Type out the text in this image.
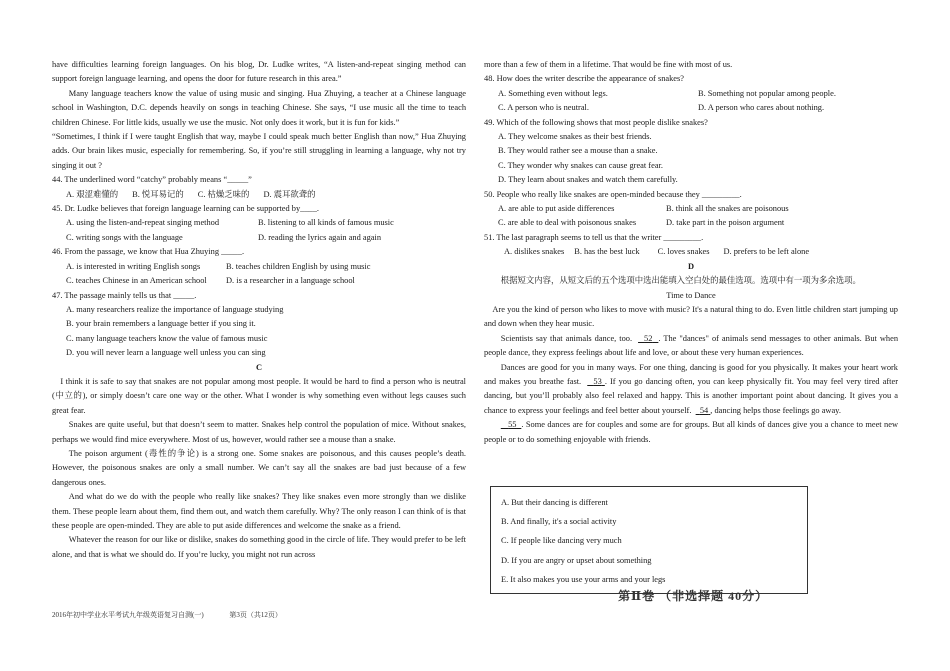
have difficulties learning foreign languages. On his blog, Dr. Ludke writes, “A listen-and-repeat singing method can support foreign language learning, and opens the door for future research in this area.”

Many language teachers know the value of using music and singing. Hua Zhuying, a teacher at a Chinese language school in Washington, D.C. depends heavily on songs in teaching Chinese. She says, “I use music all the time to teach children Chinese. For little kids, usually we use the music. Not only does it work, but it is fun for kids.”

“Sometimes, I think if I were taught English that way, maybe I could speak much better English than now,” Hua Zhuying adds. Our brain likes music, especially for remembering. So, if you’re still struggling in learning a language, why not try singing it out ?

44. The underlined word “catchy” probably means “_____”
A. 艰涩难懂的 B. 悦耳易记的 C. 枯燥乏味的 D. 震耳欲聋的
45. Dr. Ludke believes that foreign language learning can be supported by____.
A. using the listen-and-repeat singing method	B. listening to all kinds of famous music
C. writing songs with the language	D. reading the lyrics again and again
46. From the passage, we know that Hua Zhuying _____.
A. is interested in writing English songs	B. teaches children English by using music
C. teaches Chinese in an American school	D. is a researcher in a language school
47. The passage mainly tells us that _____.
A. many researchers realize the importance of language studying
B. your brain remembers a language better if you sing it.
C. many language teachers know the value of famous music
D. you will never learn a language well unless you can sing
C

I think it is safe to say that snakes are not popular among most people. It would be hard to find a person who is neutral (中立的), or simply doesn’t care one way or the other. What I wonder is why something even without legs causes such great fear.

Snakes are quite useful, but that doesn’t seem to matter. Snakes help control the population of mice. Without snakes, perhaps we would find mice everywhere. Most of us, however, would rather see a mouse than a snake.

The poison argument (毒性的争论) is a strong one. Some snakes are poisonous, and this causes people’s death. However, the poisonous snakes are only a small number. We can’t say all the snakes are bad just because of a few dangerous ones.

And what do we do with the people who really like snakes? They like snakes even more strongly than we dislike them. These people learn about them, find them out, and watch them carefully. Why? The only reason I can think of is that these people are open-minded. They are able to put aside differences and welcome the snake as a friend.

Whatever the reason for our like or dislike, snakes do something good in the circle of life. They would prefer to be left alone, and that is what we should do. If you’re lucky, you might not run across

more than a few of them in a lifetime. That would be fine with most of us.

48. How does the writer describe the appearance of snakes?
A. Something even without legs.	B. Something not popular among people.
C. A person who is neutral.	D. A person who cares about nothing.
49. Which of the following shows that most people dislike snakes?
A. They welcome snakes as their best friends.
B. They would rather see a mouse than a snake.
C. They wonder why snakes can cause great fear.
D. They learn about snakes and watch them carefully.
50. People who really like snakes are open-minded because they _________.
A. are able to put aside differences	B. think all the snakes are poisonous
C. are able to deal with poisonous snakes	D. take part in the poison argument
51. The last paragraph seems to tell us that the writer _________.
A. dislikes snakes B. has the best luck C. loves snakes D. prefers to be left alone
D

根据短文内容，从短文后的五个选项中选出能填入空白处的最佳选项。选项中有一项为多余选项。

Time to Dance

Are you the kind of person who likes to move with music? It's a natural thing to do. Even little children start jumping up and down when they hear music.

Scientists say that animals dance, too. 52 . The "dances" of animals send messages to other animals. But when people dance, they express feelings about life and love, or about these very human experiences.

Dances are good for you in many ways. For one thing, dancing is good for you physically. It makes your heart work and makes you breathe fast. 53 . If you go dancing often, you can keep physically fit. You may feel very tired after dancing, but you’ll probably also feel relaxed and happy. This is another important point about dancing. It gives you a chance to express your feelings and feel better about yourself. 54 , dancing helps those feelings go away.

55 . Some dances are for couples and some are for groups. But all kinds of dances give you a chance to meet new people or to do something enjoyable with friends.

第Ⅱ卷 （非选择题 40分）
A. But their dancing is different
B. And finally, it's a social activity
C. If people like dancing very much
D. If you are angry or upset about something
E. It also makes you use your arms and your legs
2016年初中学业水平考试九年级英语复习自测(一)	第3页（共12页）
